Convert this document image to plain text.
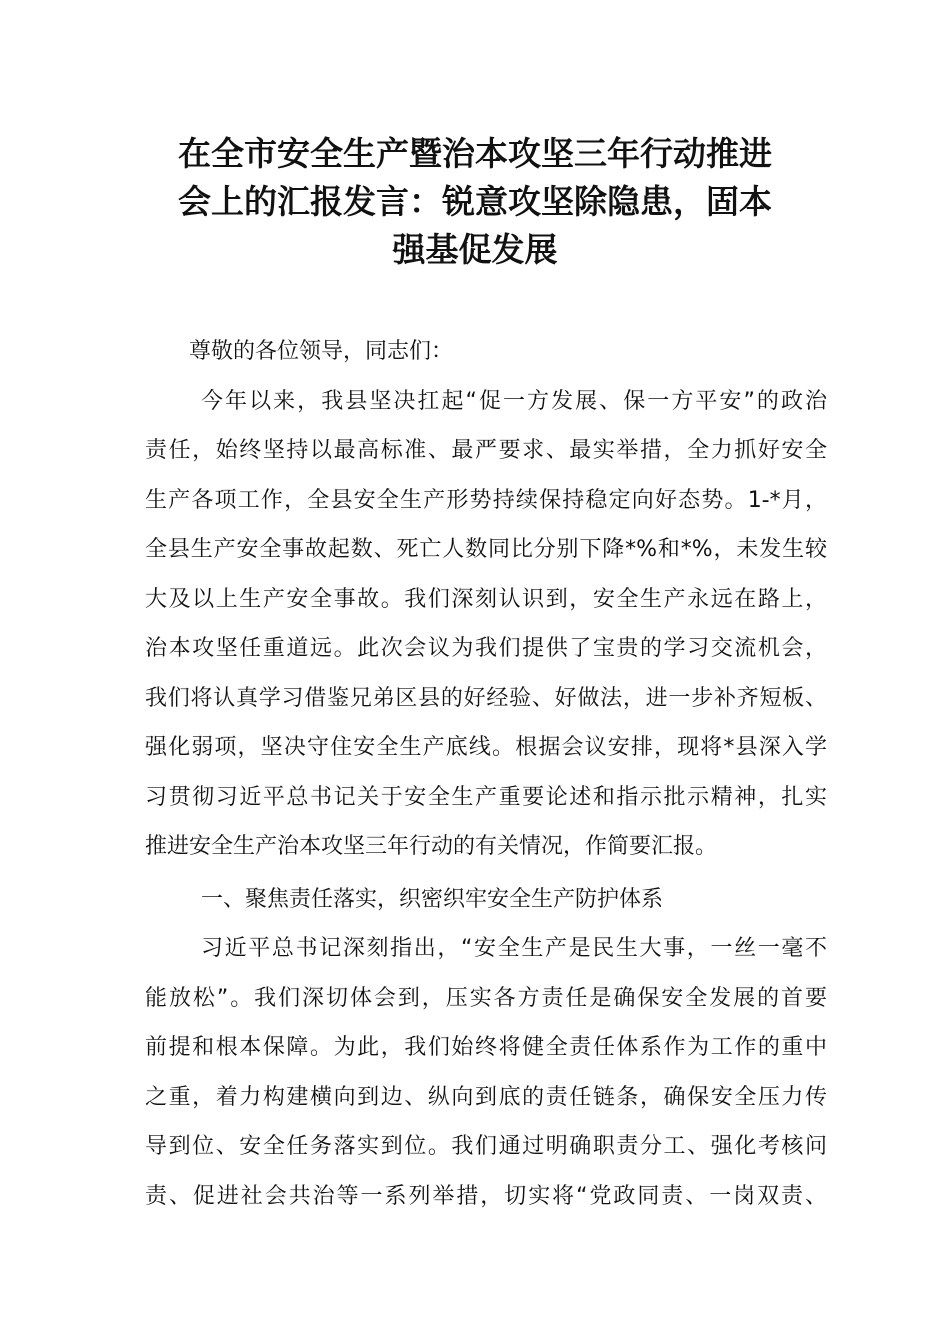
在全市安全生产暨治本攻坚三年行动推进
会上的汇报发言：锐意攻坚除隐患，固本
强基促发展
尊敬的各位领导，同志们：
今年以来，我县坚决扛起“促一方发展、保一方平安”的政治
责任，始终坚持以最高标准、最严要求、最实举措，全力抓好安全
生产各项工作，全县安全生产形势持续保持稳定向好态势。1-*月，
全县生产安全事故起数、死亡人数同比分别下降*%和*%，未发生较
大及以上生产安全事故。我们深刻认识到，安全生产永远在路上，
治本攻坚任重道远。此次会议为我们提供了宝贵的学习交流机会，
我们将认真学习借鉴兄弟区县的好经验、好做法，进一步补齐短板、
强化弱项，坚决守住安全生产底线。根据会议安排，现将*县深入学
习贯彻习近平总书记关于安全生产重要论述和指示批示精神，扎实
推进安全生产治本攻坚三年行动的有关情况，作简要汇报。
一、聚焦责任落实，织密织牢安全生产防护体系
习近平总书记深刻指出，“安全生产是民生大事，一丝一毫不
能放松”。我们深切体会到，压实各方责任是确保安全发展的首要
前提和根本保障。为此，我们始终将健全责任体系作为工作的重中
之重，着力构建横向到边、纵向到底的责任链条，确保安全压力传
导到位、安全任务落实到位。我们通过明确职责分工、强化考核问
责、促进社会共治等一系列举措，切实将“党政同责、一岗双责、
